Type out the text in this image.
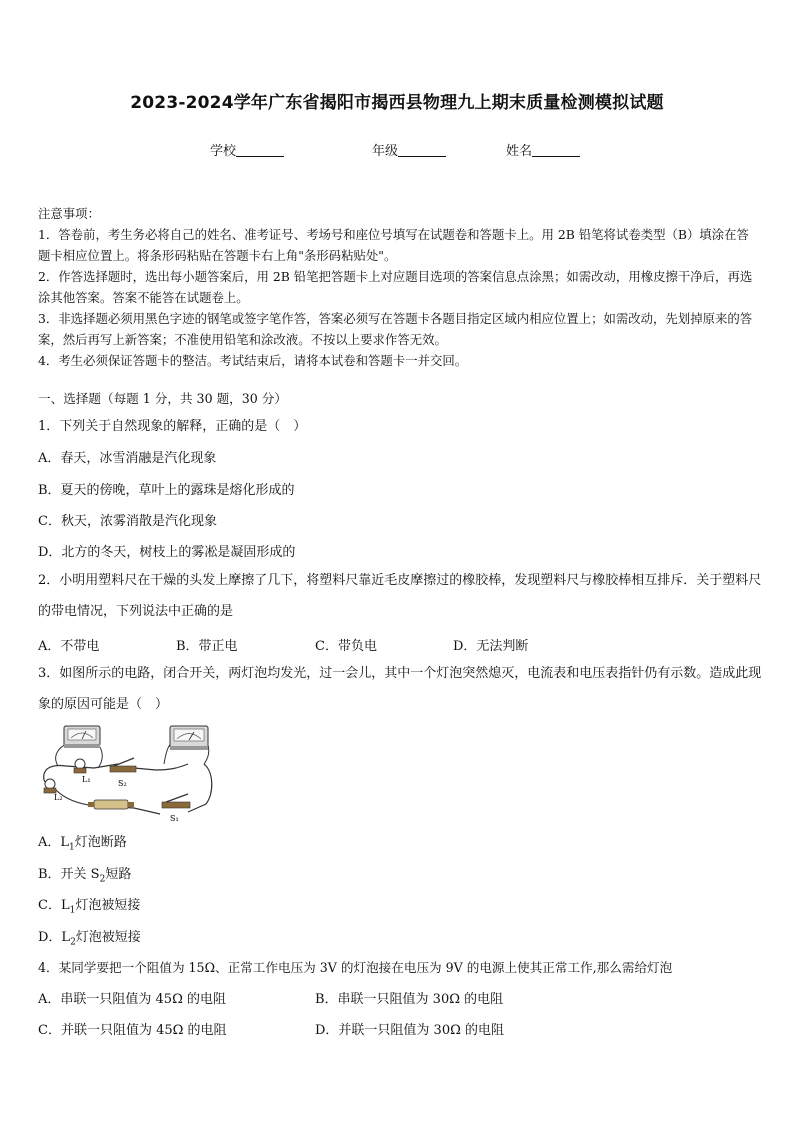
2023-2024学年广东省揭阳市揭西县物理九上期末质量检测模拟试题
学校	年级	姓名

注意事项：

1．答卷前，考生务必将自己的姓名、准考证号、考场号和座位号填写在试题卷和答题卡上。用 2B 铅笔将试卷类型（B）填涂在答题卡相应位置上。将条形码粘贴在答题卡右上角"条形码粘贴处"。

2．作答选择题时，选出每小题答案后，用 2B 铅笔把答题卡上对应题目选项的答案信息点涂黑；如需改动，用橡皮擦干净后，再选涂其他答案。答案不能答在试题卷上。

3．非选择题必须用黑色字迹的钢笔或签字笔作答，答案必须写在答题卡各题目指定区域内相应位置上；如需改动，先划掉原来的答案，然后再写上新答案；不准使用铅笔和涂改液。不按以上要求作答无效。

4．考生必须保证答题卡的整洁。考试结束后，请将本试卷和答题卡一并交回。

一、选择题（每题 1 分，共 30 题，30 分）
1．下列关于自然现象的解释，正确的是（　）
A．春天，冰雪消融是汽化现象
B．夏天的傍晚，草叶上的露珠是熔化形成的
C．秋天，浓雾消散是汽化现象
D．北方的冬天，树枝上的雾凇是凝固形成的
2．小明用塑料尺在干燥的头发上摩擦了几下，将塑料尺靠近毛皮摩擦过的橡胶棒，发现塑料尺与橡胶棒相互排斥．关于塑料尺的带电情况，下列说法中正确的是
A．不带电	B．带正电	C．带负电	D．无法判断
3．如图所示的电路，闭合开关，两灯泡均发光，过一会儿，其中一个灯泡突然熄灭，电流表和电压表指针仍有示数。造成此现象的原因可能是（　）
L₁
L₂
S₂
S₁
A．$L_1$灯泡断路
B．开关 $S_2$短路
C．$L_1$灯泡被短接
D．$L_2$灯泡被短接
4．某同学要把一个阻值为 15Ω、正常工作电压为 3V 的灯泡接在电压为 9V 的电源上使其正常工作,那么需给灯泡
A．串联一只阻值为 45Ω 的电阻	B．串联一只阻值为 30Ω 的电阻
C．并联一只阻值为 45Ω 的电阻	D．并联一只阻值为 30Ω 的电阻
